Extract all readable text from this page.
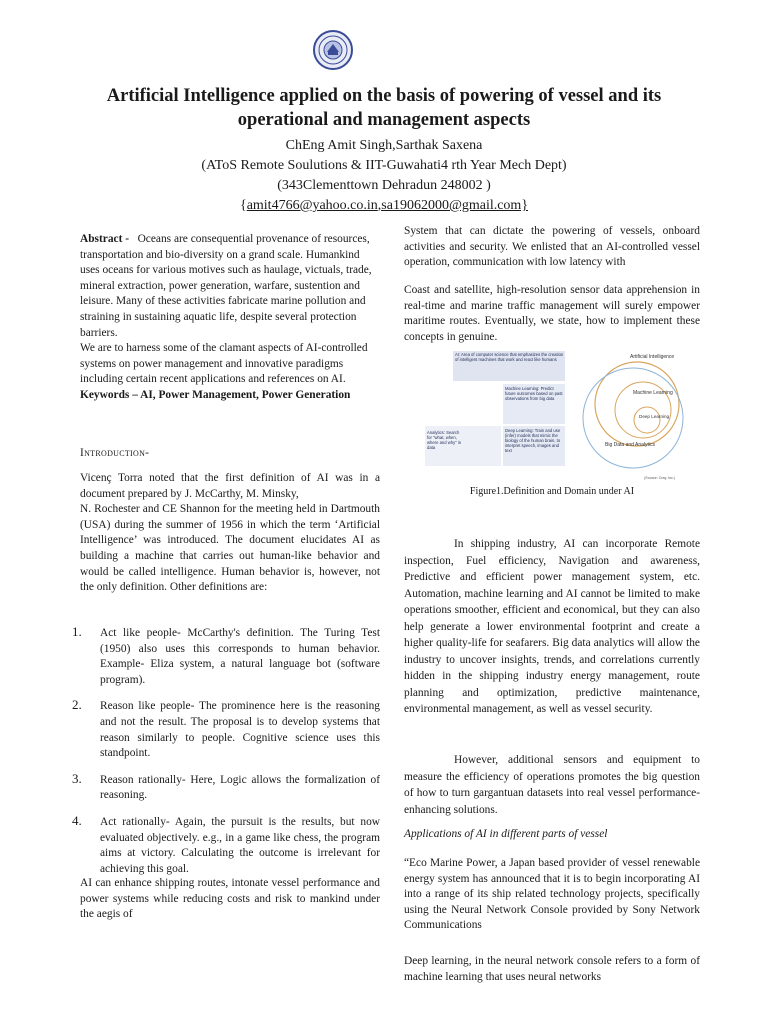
Artificial Intelligence applied on the basis of powering of vessel and its operational and management aspects
ChEng Amit Singh,Sarthak Saxena
(AToS Remote Soulutions & IIT-Guwahati4 rth Year Mech Dept)
(343Clementtown Dehradun 248002 )
{amit4766@yahoo.co.in,sa19062000@gmail.com}

Abstract - Oceans are consequential provenance of resources, transportation and bio-diversity on a grand scale. Humankind uses oceans for various motives such as haulage, victuals, trade, mineral extraction, power generation, warfare, sustention and leisure. Many of these activities fabricate marine pollution and straining in sustaining aquatic life, despite several protection barriers.

We are to harness some of the clamant aspects of AI-controlled systems on power management and innovative paradigms including certain recent applications and references on AI.

Keywords – AI, Power Management, Power Generation

Introduction-

Vicenç Torra noted that the first definition of AI was in a document prepared by J. McCarthy, M. Minsky,

N. Rochester and CE Shannon for the meeting held in Dartmouth (USA) during the summer of 1956 in which the term ‘Artificial Intelligence’ was introduced. The document elucidates AI as building a machine that carries out human-like behavior and would be called intelligence. Human behavior is, however, not the only definition. Other definitions are:

1. Act like people- McCarthy's definition. The Turing Test (1950) also uses this corresponds to human behavior. Example- Eliza system, a natural language bot (software program).

2. Reason like people- The prominence here is the reasoning and not the result. The proposal is to develop systems that reason similarly to people. Cognitive science uses this standpoint.

3. Reason rationally- Here, Logic allows the formalization of reasoning.

4. Act rationally- Again, the pursuit is the results, but now evaluated objectively. e.g., in a game like chess, the program aims at victory. Calculating the outcome is irrelevant for achieving this goal.

AI can enhance shipping routes, intonate vessel performance and power systems while reducing costs and risk to mankind under the aegis of
System that can dictate the powering of vessels, onboard activities and security. We enlisted that an AI-controlled vessel operation, communication with low latency with
Coast and satellite, high-resolution sensor data apprehension in real-time and marine traffic management will surely empower maritime routes. Eventually, we state, how to implement these concepts in genuine.
AI: Area of computer science that emphasizes the creation of intelligent machines that work and react like humans
Machine Learning: Predict future outcomes based on past observations from big data
Analytics: Search for "what, when, where and why" in data
Deep Learning: Train and use (infer) models that mimic the biology of the human brain, to interpret speech, images and text
Artificial Intelligence
Machine Learning
Deep Learning
Big Data and Analytics
(Source: Cray, Inc.)
Figure1.Definition and Domain under AI
In shipping industry, AI can incorporate Remote inspection, Fuel efficiency, Navigation and awareness, Predictive and efficient power management system, etc. Automation, machine learning and AI cannot be limited to make operations smoother, efficient and economical, but they can also help generate a lower environmental footprint and create a higher quality-life for seafarers. Big data analytics will allow the industry to uncover insights, trends, and correlations currently hidden in the shipping industry energy management, route planning and optimization, predictive maintenance, environmental management, as well as vessel security.
However, additional sensors and equipment to measure the efficiency of operations promotes the big question of how to turn gargantuan datasets into real vessel performance-enhancing solutions.
Applications of AI in different parts of vessel
“Eco Marine Power, a Japan based provider of vessel renewable energy system has announced that it is to begin incorporating AI into a range of its ship related technology projects, specifically using the Neural Network Console provided by Sony Network Communications
Deep learning, in the neural network console refers to a form of machine learning that uses neural networks
